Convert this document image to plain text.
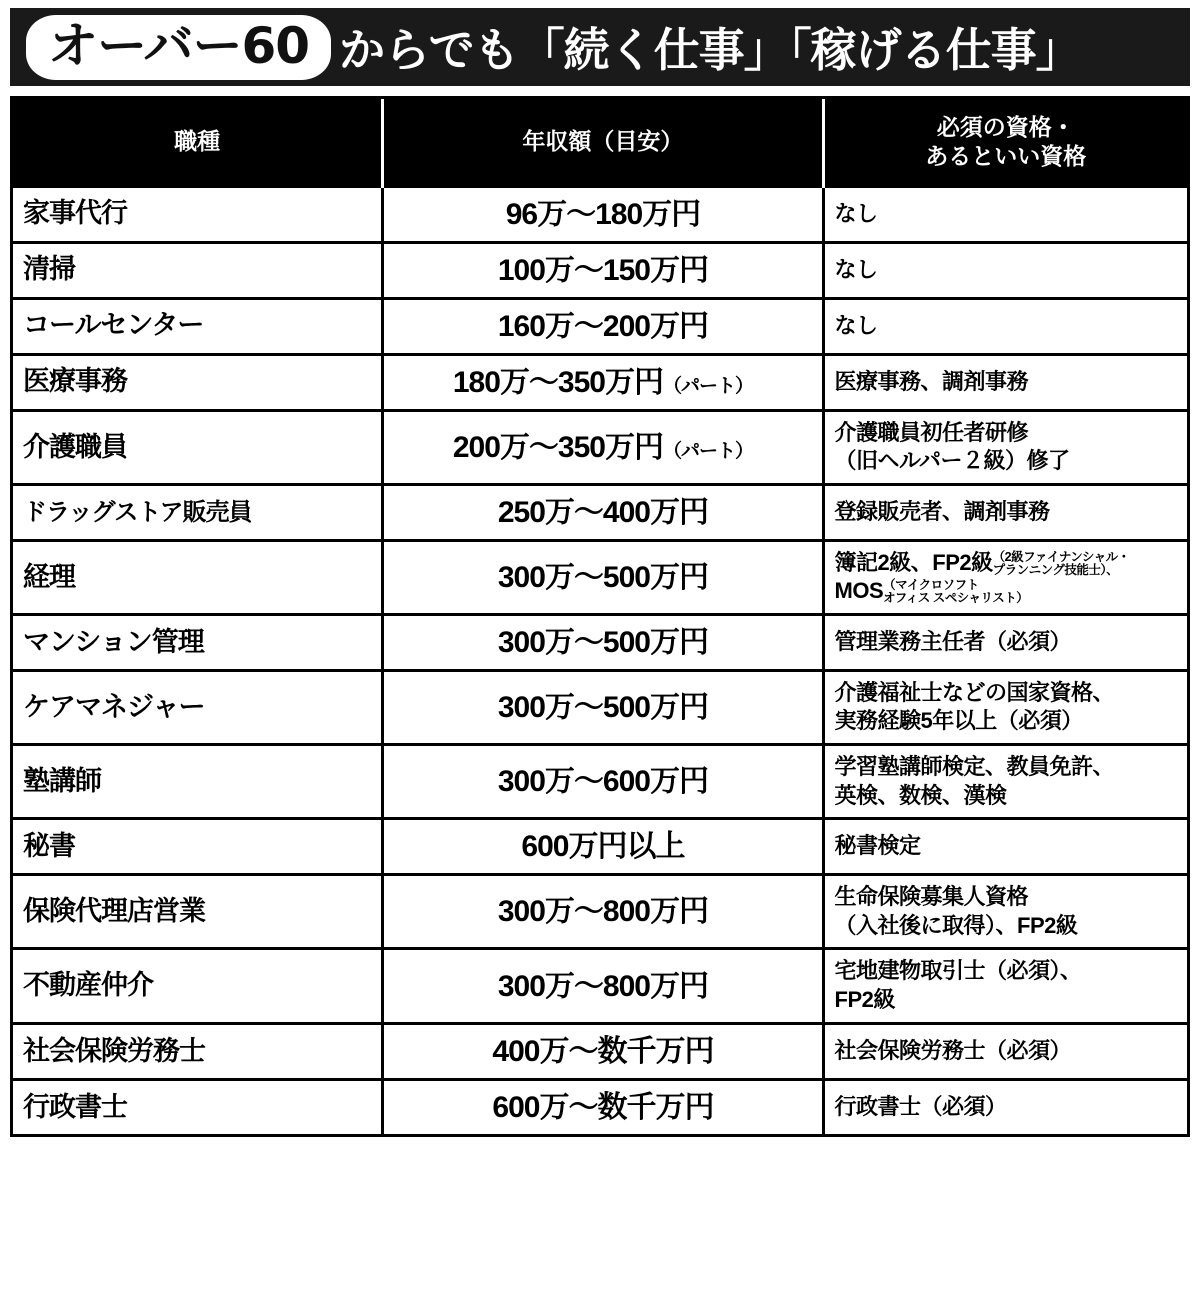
オーバー60 からでも「続く仕事」「稼げる仕事」
職種	年収額（目安）	必須の資格・
あるといい資格

家事代行	96万〜180万円	なし

清掃	100万〜150万円	なし

コールセンター	160万〜200万円	なし

医療事務	180万〜350万円（パート）	医療事務、調剤事務

介護職員	200万〜350万円（パート）	介護職員初任者研修
（旧ヘルパー２級）修了

ドラッグストア販売員	250万〜400万円	登録販売者、調剤事務

経理	300万〜500万円	簿記2級、FP2級（2級ファイナンシャル・
プランニング技能士）、
MOS（マイクロソフト
オフィス スペシャリスト）

マンション管理	300万〜500万円	管理業務主任者（必須）

ケアマネジャー	300万〜500万円	介護福祉士などの国家資格、
実務経験5年以上（必須）

塾講師	300万〜600万円	学習塾講師検定、教員免許、
英検、数検、漢検

秘書	600万円以上	秘書検定

保険代理店営業	300万〜800万円	生命保険募集人資格
（入社後に取得）、FP2級

不動産仲介	300万〜800万円	宅地建物取引士（必須）、
FP2級

社会保険労務士	400万〜数千万円	社会保険労務士（必須）

行政書士	600万〜数千万円	行政書士（必須）
